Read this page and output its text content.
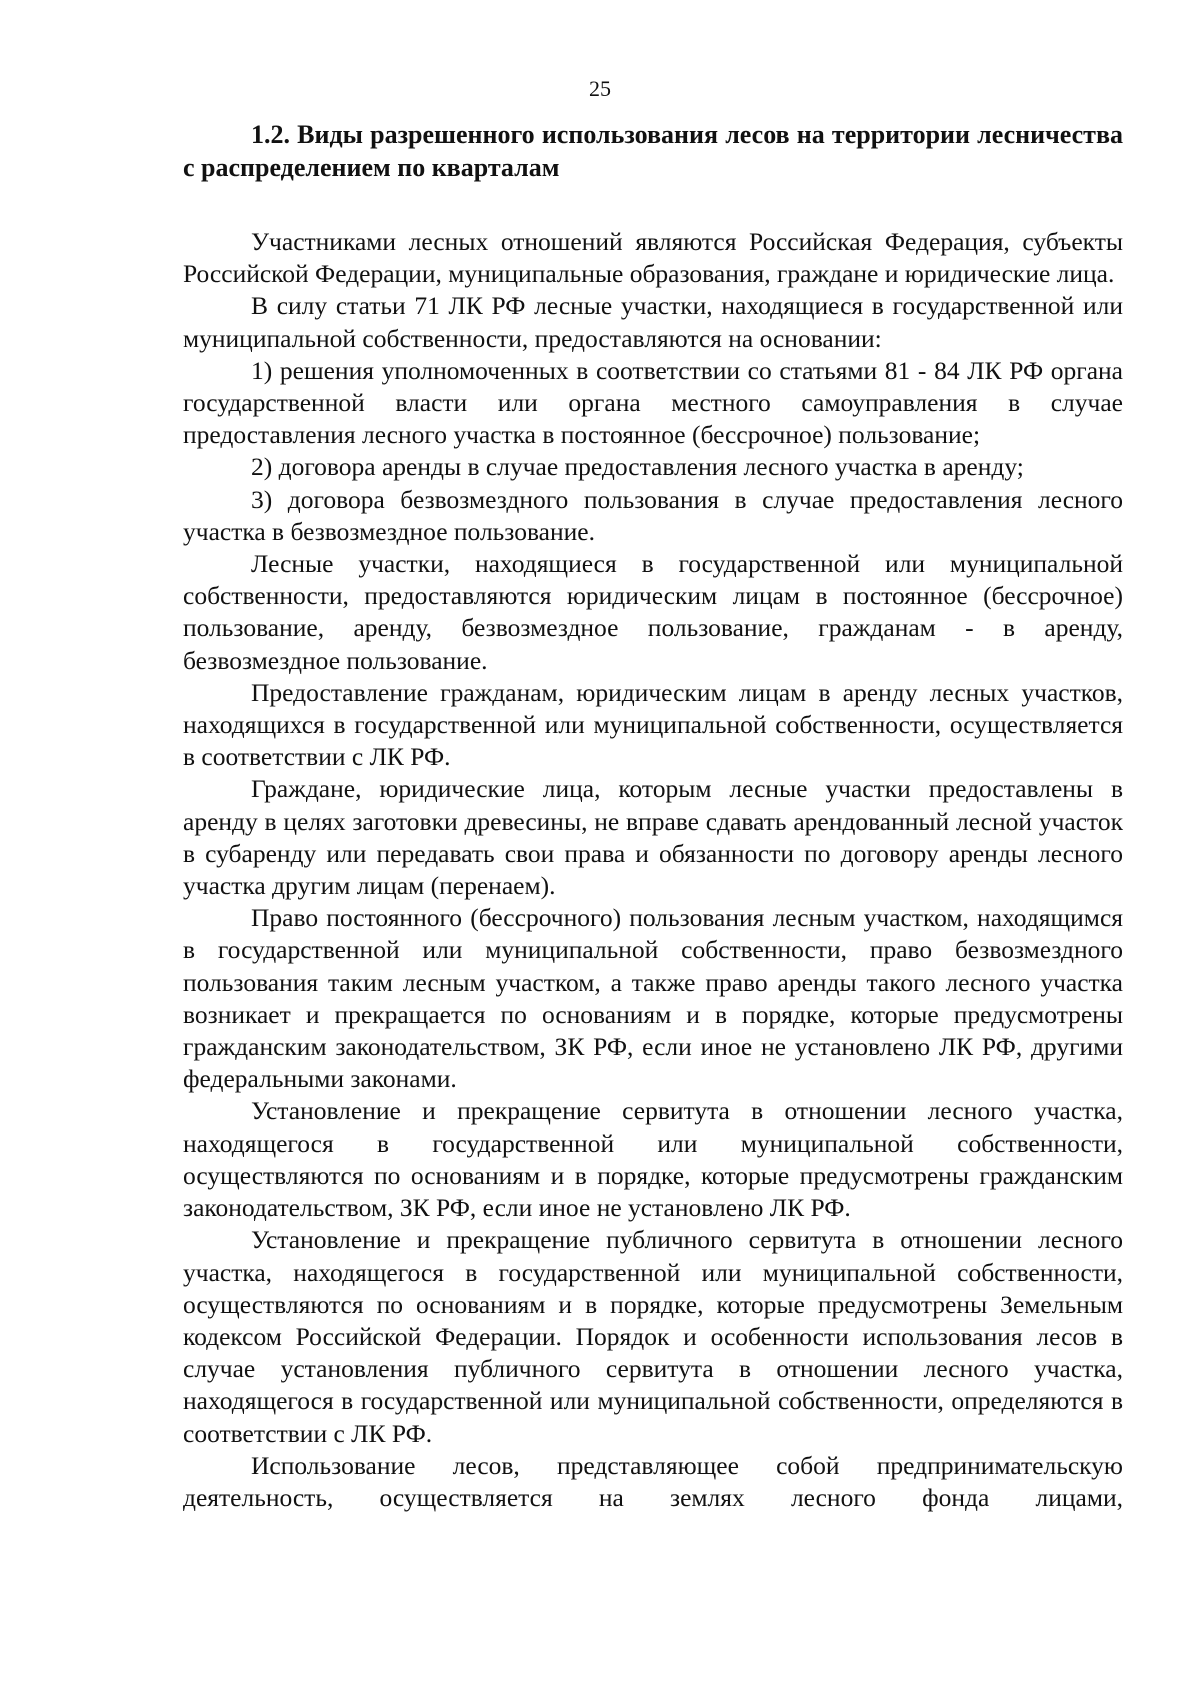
25
1.2. Виды разрешенного использования лесов на территории лесничества с распределением по кварталам

Участниками лесных отношений являются Российская Федерация, субъекты Российской Федерации, муниципальные образования, граждане и юридические лица.

В силу статьи 71 ЛК РФ лесные участки, находящиеся в государственной или муниципальной собственности, предоставляются на основании:

1) решения уполномоченных в соответствии со статьями 81 - 84 ЛК РФ органа государственной власти или органа местного самоуправления в случае предоставления лесного участка в постоянное (бессрочное) пользование;

2) договора аренды в случае предоставления лесного участка в аренду;

3) договора безвозмездного пользования в случае предоставления лесного участка в безвозмездное пользование.

Лесные участки, находящиеся в государственной или муниципальной собственности, предоставляются юридическим лицам в постоянное (бессрочное) пользование, аренду, безвозмездное пользование, гражданам - в аренду, безвозмездное пользование.

Предоставление гражданам, юридическим лицам в аренду лесных участков, находящихся в государственной или муниципальной собственности, осуществляется в соответствии с ЛК РФ.

Граждане, юридические лица, которым лесные участки предоставлены в аренду в целях заготовки древесины, не вправе сдавать арендованный лесной участок в субаренду или передавать свои права и обязанности по договору аренды лесного участка другим лицам (перенаем).

Право постоянного (бессрочного) пользования лесным участком, находящимся в государственной или муниципальной собственности, право безвозмездного пользования таким лесным участком, а также право аренды такого лесного участка возникает и прекращается по основаниям и в порядке, которые предусмотрены гражданским законодательством, ЗК РФ, если иное не установлено ЛК РФ, другими федеральными законами.

Установление и прекращение сервитута в отношении лесного участка, находящегося в государственной или муниципальной собственности, осуществляются по основаниям и в порядке, которые предусмотрены гражданским законодательством, ЗК РФ, если иное не установлено ЛК РФ.

Установление и прекращение публичного сервитута в отношении лесного участка, находящегося в государственной или муниципальной собственности, осуществляются по основаниям и в порядке, которые предусмотрены Земельным кодексом Российской Федерации. Порядок и особенности использования лесов в случае установления публичного сервитута в отношении лесного участка, находящегося в государственной или муниципальной собственности, определяются в соответствии с ЛК РФ.

Использование лесов, представляющее собой предпринимательскую деятельность, осуществляется на землях лесного фонда лицами,
